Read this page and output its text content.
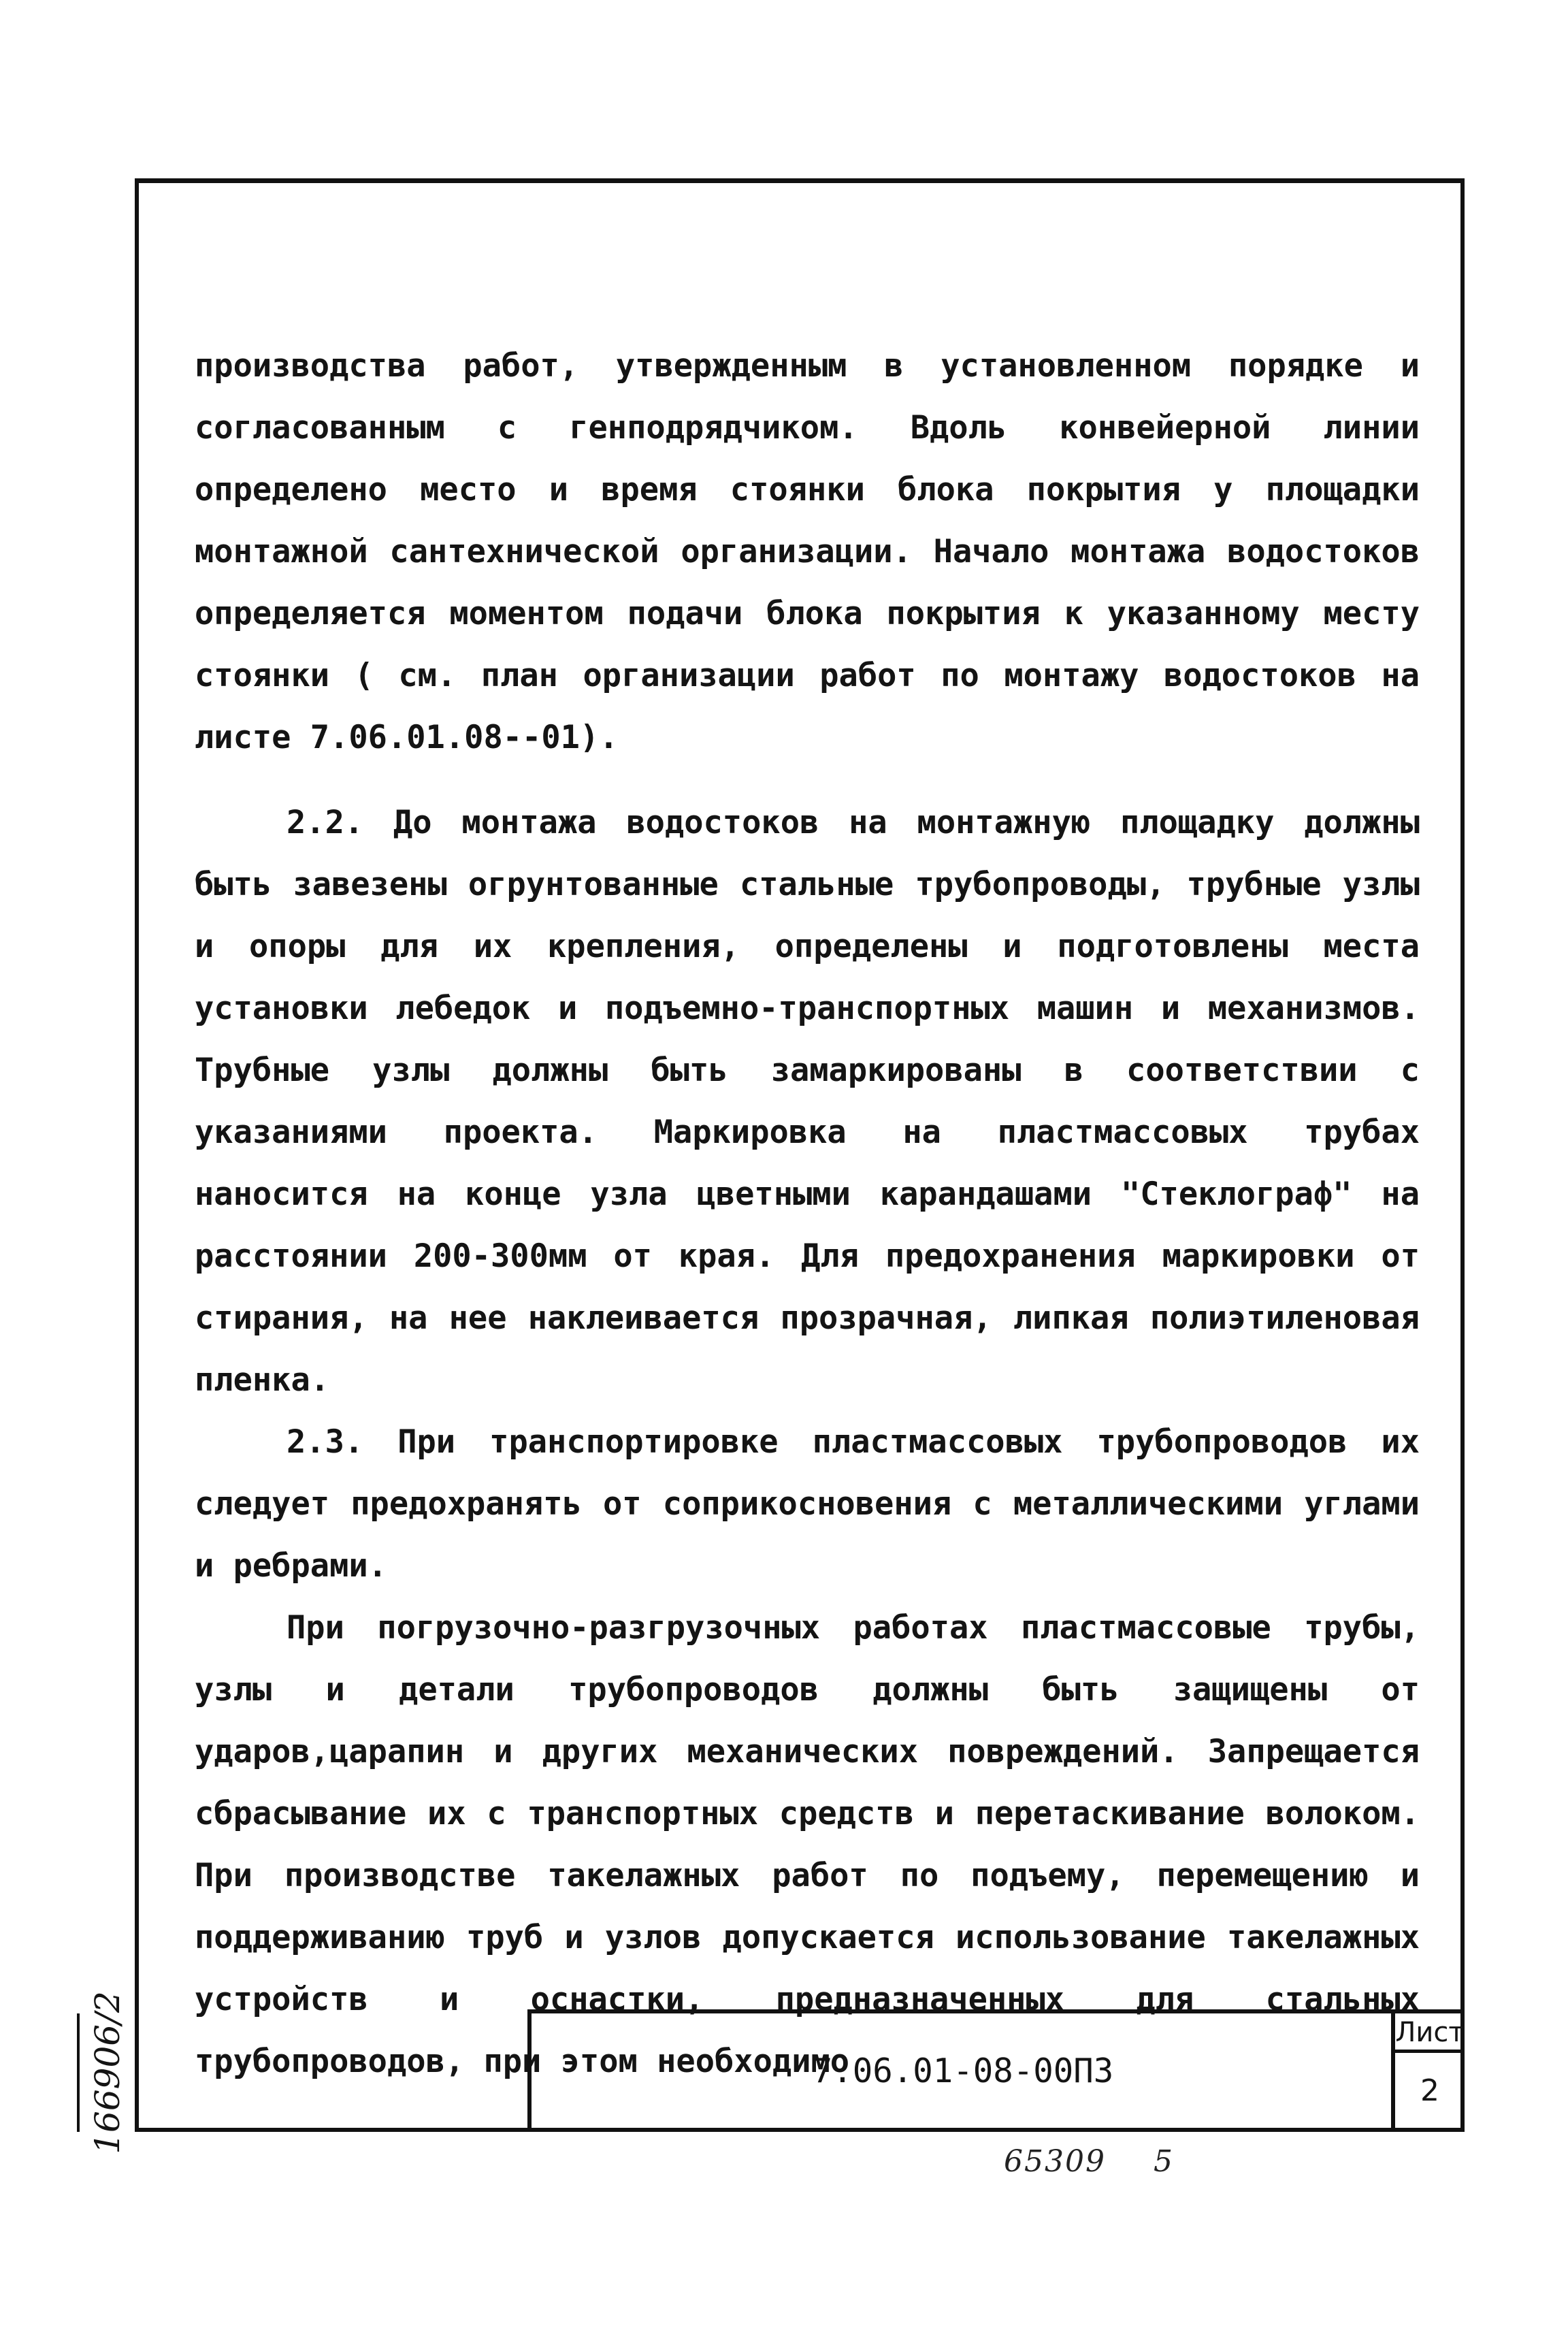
производства работ, утвержденным в установленном порядке и согласованным с генподрядчиком. Вдоль конвейерной линии определено место и время стоянки блока покрытия у площадки монтажной сантехнической организации. Начало монтажа водостоков определяется моментом подачи блока покрытия к указанному месту стоянки ( см. план организации работ по монтажу водостоков на листе 7.06.01.08--01).

2.2. До монтажа водостоков на монтажную площадку должны быть завезены огрунтованные стальные трубопроводы, трубные узлы и опоры для их крепления, определены и подготовлены места установки лебедок и подъемно-транспортных машин и механизмов. Трубные узлы должны быть замаркированы в соответствии с указаниями проекта. Маркировка на пластмассовых трубах наносится на конце узла цветными карандашами "Стеклограф" на расстоянии 200-300мм от края. Для предохранения маркировки от стирания, на нее наклеивается прозрачная, липкая полиэтиленовая пленка.

2.3. При транспортировке пластмассовых трубопроводов их следует предохранять от соприкосновения с металлическими углами и ребрами.

При погрузочно-разгрузочных работах пластмассовые трубы, узлы и детали трубопроводов должны быть защищены от ударов,царапин и других механических повреждений. Запрещается сбрасывание их с транспортных средств и перетаскивание волоком. При производстве такелажных работ по подъему, перемещению и поддерживанию труб и узлов допускается использование такелажных устройств и оснастки, предназначенных для стальных трубопроводов, при этом необходимо

7.06.01-08-00ПЗ
Лист
2
166906/2
65309 5
